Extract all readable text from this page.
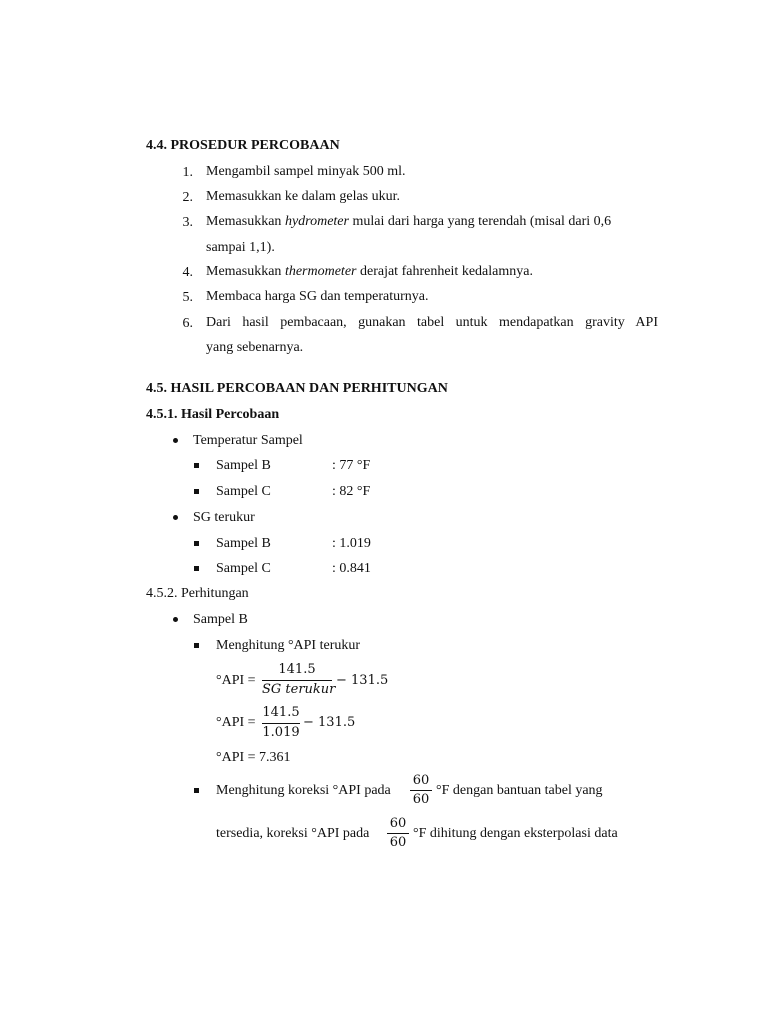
4.4. PROSEDUR PERCOBAAN
1. Mengambil sampel minyak 500 ml.
2. Memasukkan ke dalam gelas ukur.
3. Memasukkan hydrometer mulai dari harga yang terendah (misal dari 0,6
sampai 1,1).
4. Memasukkan thermometer derajat fahrenheit kedalamnya.
5. Membaca harga SG dan temperaturnya.
6. Dari hasil pembacaan, gunakan tabel untuk mendapatkan gravity API
yang sebenarnya.
4.5. HASIL PERCOBAAN DAN PERHITUNGAN
4.5.1. Hasil Percobaan
Temperatur Sampel
Sampel B	: 77 °F
Sampel C	: 82 °F
SG terukur
Sampel B	: 1.019
Sampel C	: 0.841
4.5.2. Perhitungan
Sampel B
Menghitung °API terukur
°API =
141.5
SG terukur
− 131.5
°API =
141.5
1.019
− 131.5
°API = 7.361
Menghitung koreksi °API pada
60
60
°F dengan bantuan tabel yang
tersedia, koreksi °API pada
60
60
°F dihitung dengan eksterpolasi data
